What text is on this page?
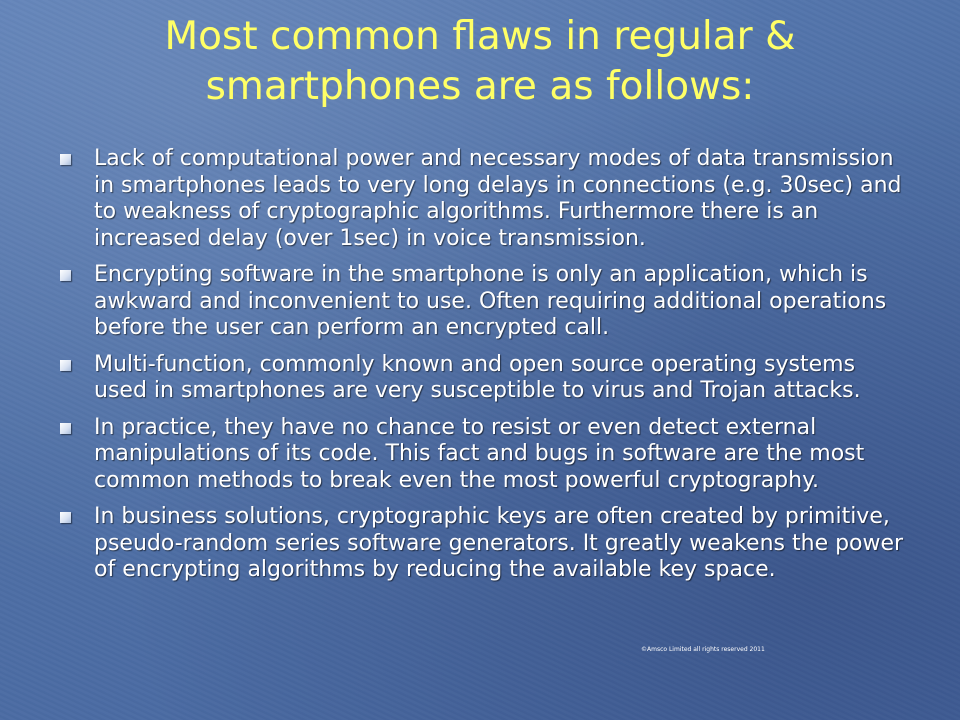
Most common flaws in regular & smartphones are as follows:
Lack of computational power and necessary modes of data transmission in smartphones leads to very long delays in connections (e.g. 30sec) and to weakness of cryptographic algorithms. Furthermore there is an increased delay (over 1sec) in voice transmission.
Encrypting software in the smartphone is only an application, which is awkward and inconvenient to use. Often requiring additional operations before the user can perform an encrypted call.
Multi-function, commonly known and open source operating systems used in smartphones are very susceptible to virus and Trojan attacks.
In practice, they have no chance to resist or even detect external manipulations of its code. This fact and bugs in software are the most common methods to break even the most powerful cryptography.
In business solutions, cryptographic keys are often created by primitive, pseudo-random series software generators. It greatly weakens the power of encrypting algorithms by reducing the available key space.
©Amsco Limited all rights reserved 2011
